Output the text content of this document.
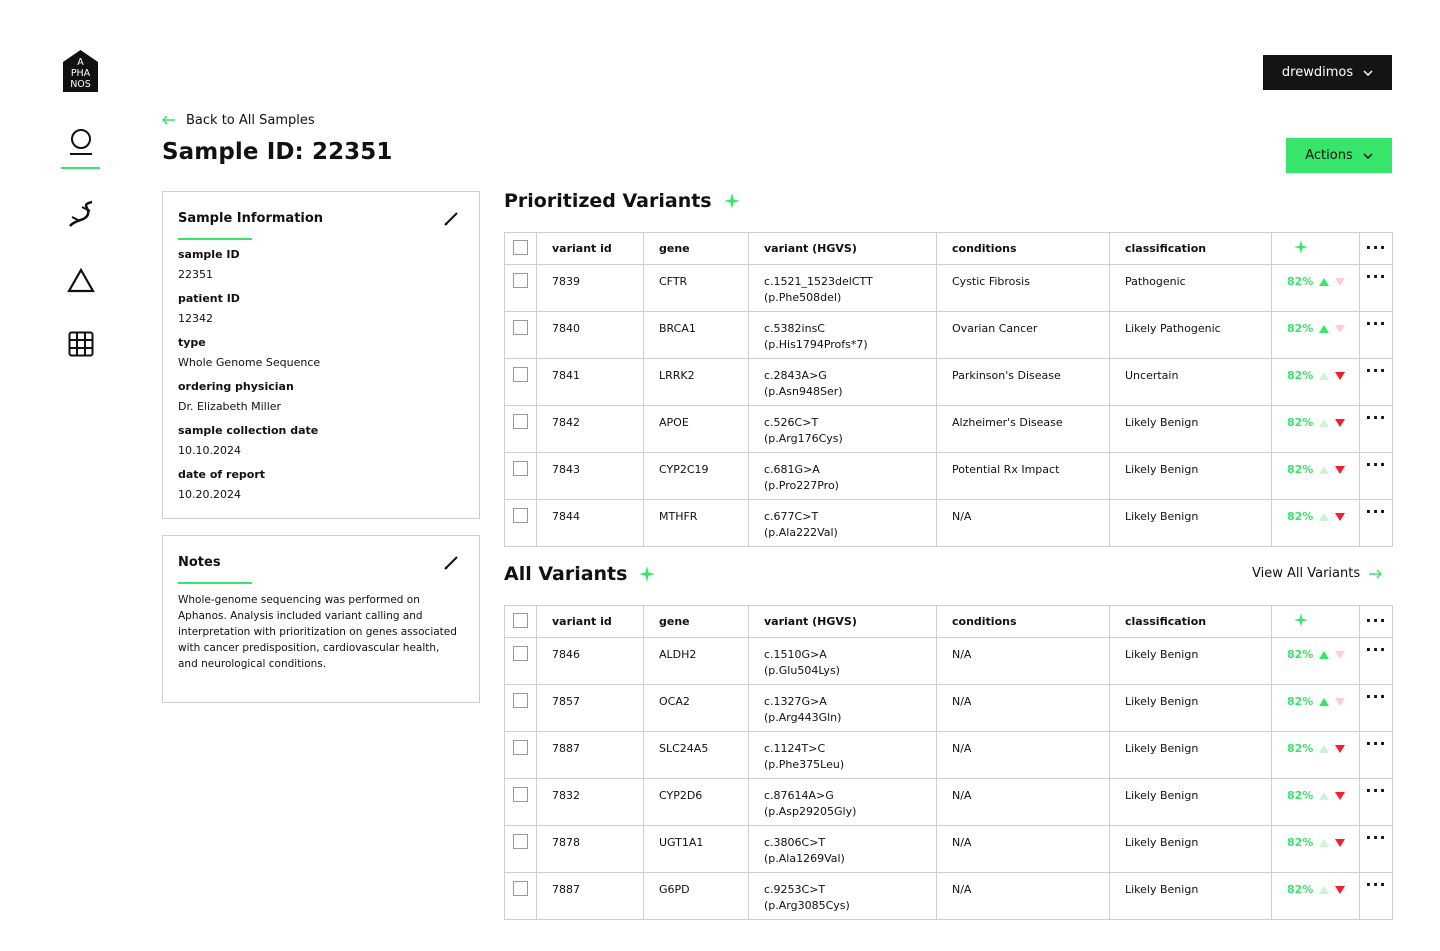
A
PHA
NOS
drewdimos
Back to All Samples
Sample ID: 22351	Actions
Sample Information
sample ID
22351
patient ID
12342
type
Whole Genome Sequence
ordering physician
Dr. Elizabeth Miller
sample collection date
10.10.2024
date of report
10.20.2024
Notes
Whole-genome sequencing was performed on Aphanos. Analysis included variant calling and interpretation with prioritization on genes associated with cancer predisposition, cardiovascular health, and neurological conditions.
Prioritized Variants
	variant id	gene	variant (HGVS)	conditions	classification		···
	7839	CFTR	c.1521_1523delCTT
(p.Phe508del)	Cystic Fibrosis	Pathogenic	82%	···
	7840	BRCA1	c.5382insC
(p.His1794Profs*7)	Ovarian Cancer	Likely Pathogenic	82%	···
	7841	LRRK2	c.2843A>G
(p.Asn948Ser)	Parkinson's Disease	Uncertain	82%	···
	7842	APOE	c.526C>T
(p.Arg176Cys)	Alzheimer's Disease	Likely Benign	82%	···
	7843	CYP2C19	c.681G>A
(p.Pro227Pro)	Potential Rx Impact	Likely Benign	82%	···
	7844	MTHFR	c.677C>T
(p.Ala222Val)	N/A	Likely Benign	82%	···
All Variants	View All Variants
	variant id	gene	variant (HGVS)	conditions	classification		···
	7846	ALDH2	c.1510G>A
(p.Glu504Lys)	N/A	Likely Benign	82%	···
	7857	OCA2	c.1327G>A
(p.Arg443Gln)	N/A	Likely Benign	82%	···
	7887	SLC24A5	c.1124T>C
(p.Phe375Leu)	N/A	Likely Benign	82%	···
	7832	CYP2D6	c.87614A>G
(p.Asp29205Gly)	N/A	Likely Benign	82%	···
	7878	UGT1A1	c.3806C>T
(p.Ala1269Val)	N/A	Likely Benign	82%	···
	7887	G6PD	c.9253C>T
(p.Arg3085Cys)	N/A	Likely Benign	82%	···
